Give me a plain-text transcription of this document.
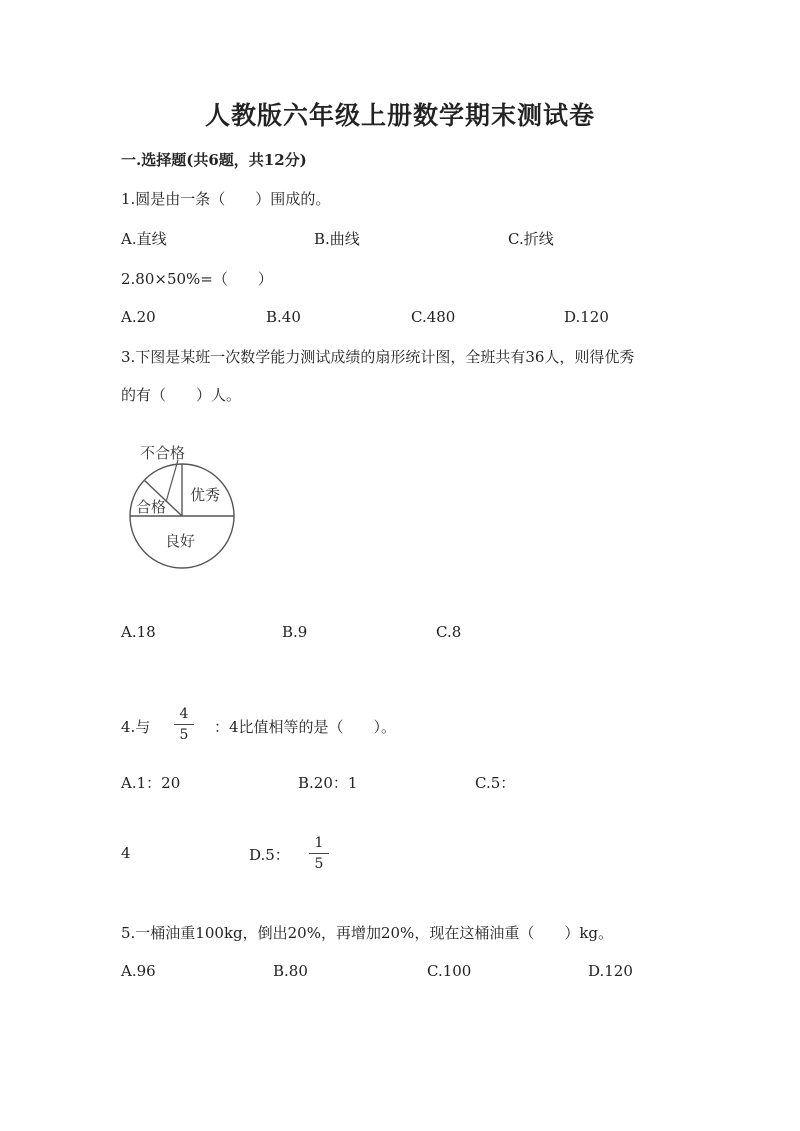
人教版六年级上册数学期末测试卷
一.选择题(共6题，共12分)
1.圆是由一条（　　）围成的。
A.直线	B.曲线	C.折线
2.80×50%=（　　）
A.20	B.40	C.480	D.120
3.下图是某班一次数学能力测试成绩的扇形统计图，全班共有36人，则得优秀
的有（　　）人。
不合格
合格
优秀
良好
A.18	B.9	C.8
4.与
4
5	：4比值相等的是（　　）。
A.1：20	B.20：1	C.5：
4	D.5：
1
5
5.一桶油重100kg，倒出20%，再增加20%，现在这桶油重（　　）kg。
A.96	B.80	C.100	D.120
